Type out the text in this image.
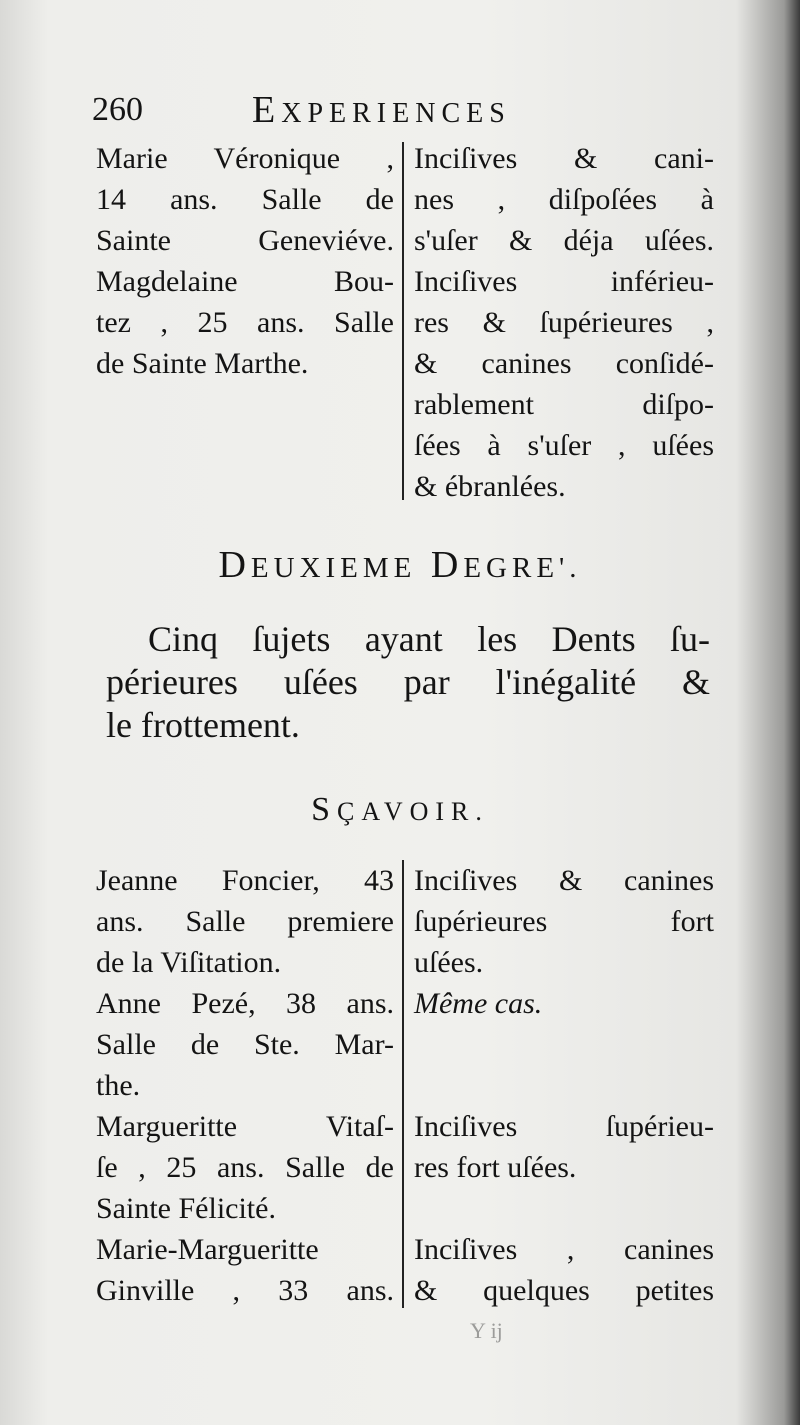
260	EXPERIENCES
Marie Véronique ,
14 ans. Salle de
Sainte Geneviéve.
Magdelaine Bou-
tez , 25 ans. Salle
de Sainte Marthe.
Inciſives & cani-
nes , diſpoſées à
s'uſer & déja uſées.
Inciſives inférieu-
res & ſupérieures ,
& canines conſidé-
rablement diſpo-
ſées à s'uſer , uſées
& ébranlées.
DEUXIEME DEGRE'.
Cinq ſujets ayant les Dents ſu-
périeures uſées par l'inégalité &
le frottement.
SÇAVOIR.
Jeanne Foncier, 43
ans. Salle premiere
de la Viſitation.
Anne Pezé, 38 ans.
Salle de Ste. Mar-
the.
Margueritte Vitaſ-
ſe , 25 ans. Salle de
Sainte Félicité.
Marie-Margueritte
Ginville , 33 ans.
Inciſives & canines
ſupérieures fort
uſées.
Même cas.
Inciſives ſupérieu-
res fort uſées.
Inciſives , canines
& quelques petites
Y ij
